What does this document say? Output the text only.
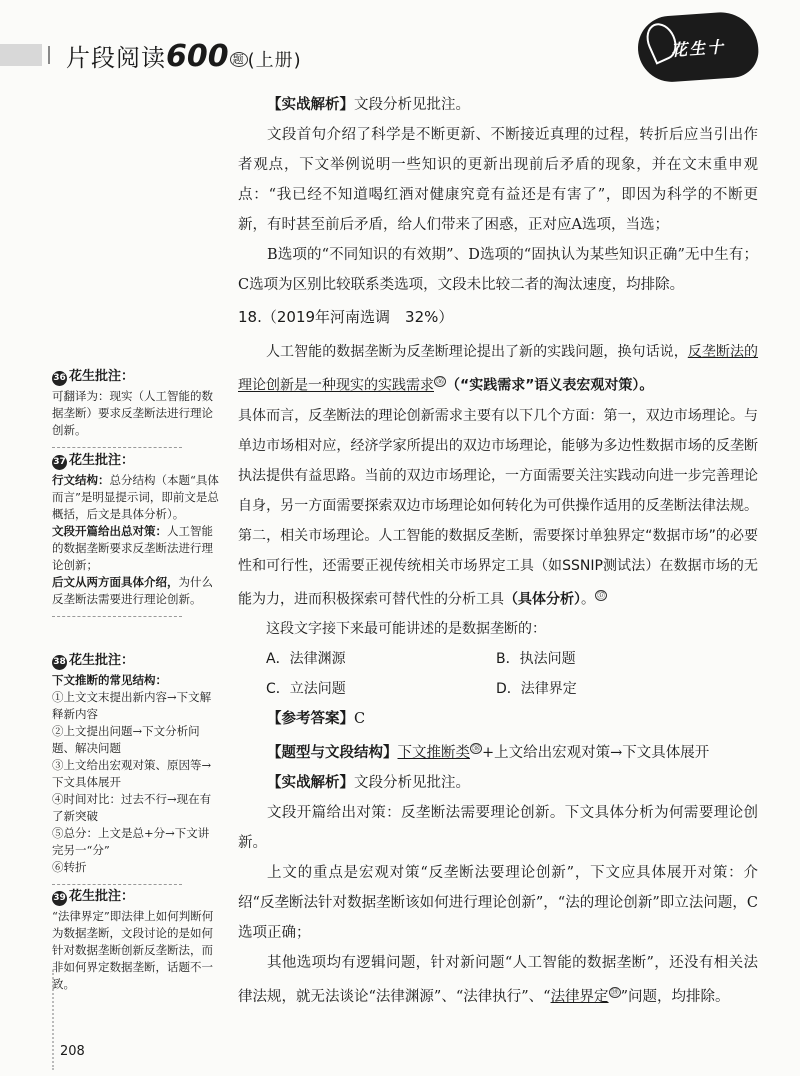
片段阅读600 题 (上册)
花生十

【实战解析】文段分析见批注。

文段首句介绍了科学是不断更新、不断接近真理的过程，转折后应当引出作者观点，下文举例说明一些知识的更新出现前后矛盾的现象，并在文末重申观点：“我已经不知道喝红酒对健康究竟有益还是有害了”，即因为科学的不断更新，有时甚至前后矛盾，给人们带来了困惑，正对应A选项，当选；

B选项的“不同知识的有效期”、D选项的“固执认为某些知识正确”无中生有；C选项为区别比较联系类选项，文段未比较二者的淘汰速度，均排除。

18.（2019年河南选调　32%）

人工智能的数据垄断为反垄断理论提出了新的实践问题，换句话说，反垄断法的理论创新是一种现实的实践需求 $^㊱$ （“实践需求”语义表宏观对策）。

具体而言，反垄断法的理论创新需求主要有以下几个方面：第一，双边市场理论。与单边市场相对应，经济学家所提出的双边市场理论，能够为多边性数据市场的反垄断执法提供有益思路。当前的双边市场理论，一方面需要关注实践动向进一步完善理论自身，另一方面需要探索双边市场理论如何转化为可供操作适用的反垄断法律法规。第二，相关市场理论。人工智能的数据反垄断，需要探讨单独界定“数据市场”的必要性和可行性，还需要正视传统相关市场界定工具（如SSNIP测试法）在数据市场的无能为力，进而积极探索可替代性的分析工具（具体分析）。 $^㊲$

这段文字接下来最可能讲述的是数据垄断的：

A．法律渊源	B．执法问题
C．立法问题	D．法律界定

【参考答案】C

【题型与文段结构】下文推断类 $^㊳$ +上文给出宏观对策→下文具体展开

【实战解析】文段分析见批注。

文段开篇给出对策：反垄断法需要理论创新。下文具体分析为何需要理论创新。

上文的重点是宏观对策“反垄断法要理论创新”，下文应具体展开对策：介绍“反垄断法针对数据垄断该如何进行理论创新”，“法的理论创新”即立法问题，C选项正确；

其他选项均有逻辑问题，针对新问题“人工智能的数据垄断”，还没有相关法律法规，就无法谈论“法律渊源”、“法律执行”、“法律界定 $^㊴$ ”问题，均排除。

36 花生批注：

可翻译为：现实（人工智能的数据垄断）要求反垄断法进行理论创新。

37 花生批注：

行文结构：总分结构（本题“具体而言”是明显提示词，即前文是总概括，后文是具体分析）。

文段开篇给出总对策：人工智能的数据垄断要求反垄断法进行理论创新；

后文从两方面具体介绍，为什么反垄断法需要进行理论创新。

38 花生批注：

下文推断的常见结构：

①上文文末提出新内容→下文解释新内容

②上文提出问题→下文分析问题、解决问题

③上文给出宏观对策、原因等→下文具体展开

④时间对比：过去不行→现在有了新突破

⑤总分：上文是总+分→下文讲完另一“分”

⑥转折

39 花生批注：

“法律界定”即法律上如何判断何为数据垄断，文段讨论的是如何针对数据垄断创新反垄断法，而非如何界定数据垄断，话题不一致。

208
